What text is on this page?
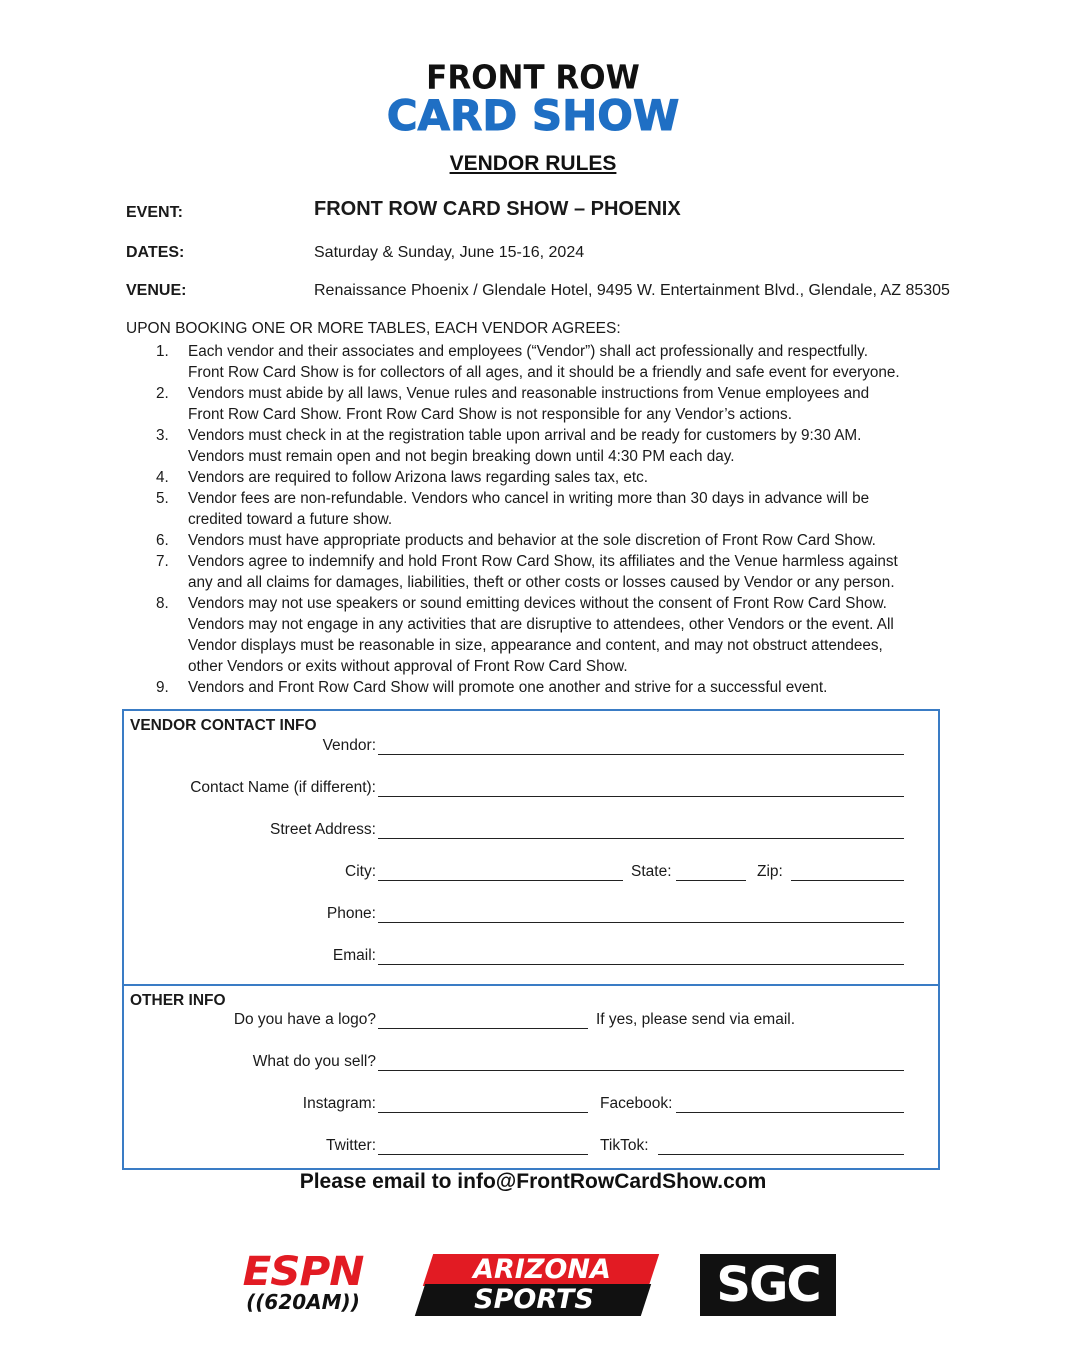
FRONT ROW
CARD SHOW
VENDOR RULES
EVENT:	FRONT ROW CARD SHOW – PHOENIX
DATES:	Saturday & Sunday, June 15-16, 2024
VENUE:	Renaissance Phoenix / Glendale Hotel, 9495 W. Entertainment Blvd., Glendale, AZ 85305
UPON BOOKING ONE OR MORE TABLES, EACH VENDOR AGREES:
1. Each vendor and their associates and employees (“Vendor”) shall act professionally and respectfully.
Front Row Card Show is for collectors of all ages, and it should be a friendly and safe event for everyone.
2. Vendors must abide by all laws, Venue rules and reasonable instructions from Venue employees and
Front Row Card Show. Front Row Card Show is not responsible for any Vendor’s actions.
3. Vendors must check in at the registration table upon arrival and be ready for customers by 9:30 AM.
Vendors must remain open and not begin breaking down until 4:30 PM each day.
4. Vendors are required to follow Arizona laws regarding sales tax, etc.
5. Vendor fees are non-refundable. Vendors who cancel in writing more than 30 days in advance will be
credited toward a future show.
6. Vendors must have appropriate products and behavior at the sole discretion of Front Row Card Show.
7. Vendors agree to indemnify and hold Front Row Card Show, its affiliates and the Venue harmless against
any and all claims for damages, liabilities, theft or other costs or losses caused by Vendor or any person.
8. Vendors may not use speakers or sound emitting devices without the consent of Front Row Card Show.
Vendors may not engage in any activities that are disruptive to attendees, other Vendors or the event. All
Vendor displays must be reasonable in size, appearance and content, and may not obstruct attendees,
other Vendors or exits without approval of Front Row Card Show.
9. Vendors and Front Row Card Show will promote one another and strive for a successful event.
VENDOR CONTACT INFO
Vendor:
Contact Name (if different):
Street Address:
City:	State:	Zip:
Phone:
Email:
OTHER INFO
Do you have a logo?	If yes, please send via email.
What do you sell?
Instagram:	Facebook:
Twitter:	TikTok:
Please email to info@FrontRowCardShow.com
ESPN
((620AM))
ARIZONA
SPORTS	SGC
